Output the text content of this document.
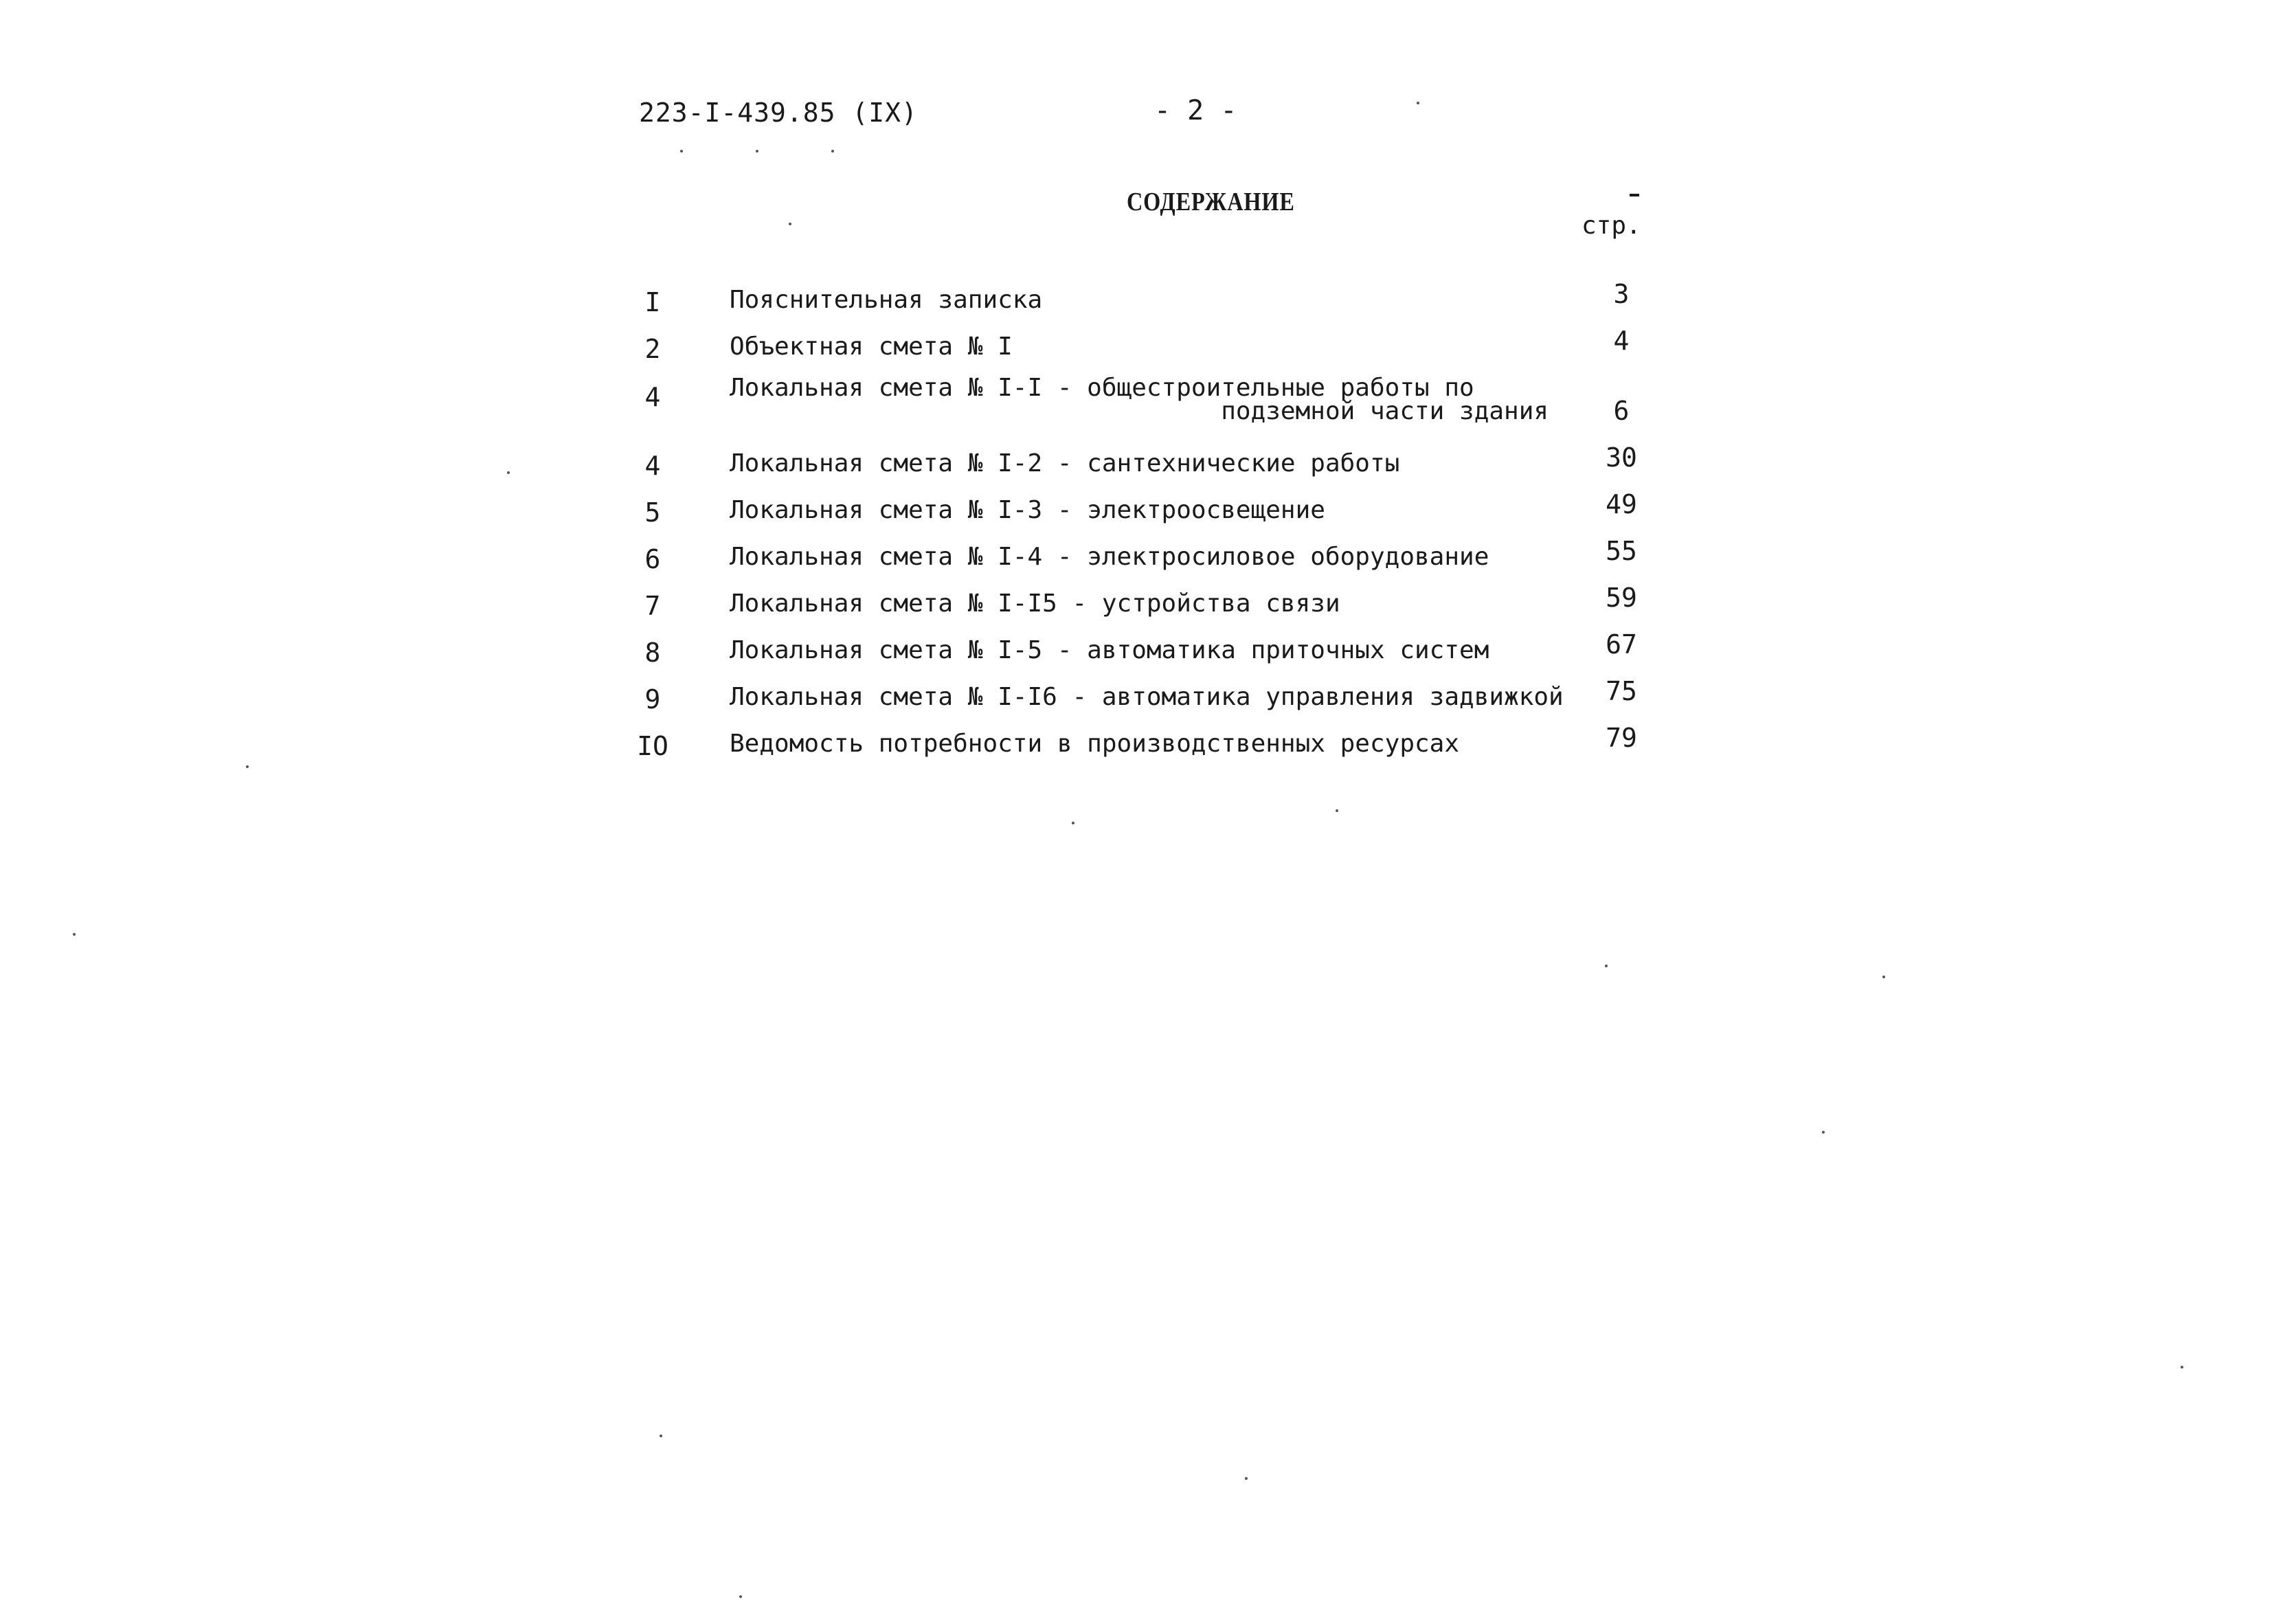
223-I-439.85 (IX)	- 2 -
СОДЕРЖАНИЕ
стр.
I	Пояснительная записка	3
2	Объектная смета № I	4
4	Локальная смета № I-I - общестроительные работы по
подземной части здания	6
4	Локальная смета № I-2 - сантехнические работы	30
5	Локальная смета № I-3 - электроосвещение	49
6	Локальная смета № I-4 - электросиловое оборудование	55
7	Локальная смета № I-I5 - устройства связи	59
8	Локальная смета № I-5 - автоматика приточных систем	67
9	Локальная смета № I-I6 - автоматика управления задвижкой	75
IO Ведомость потребности в производственных ресурсах	79
